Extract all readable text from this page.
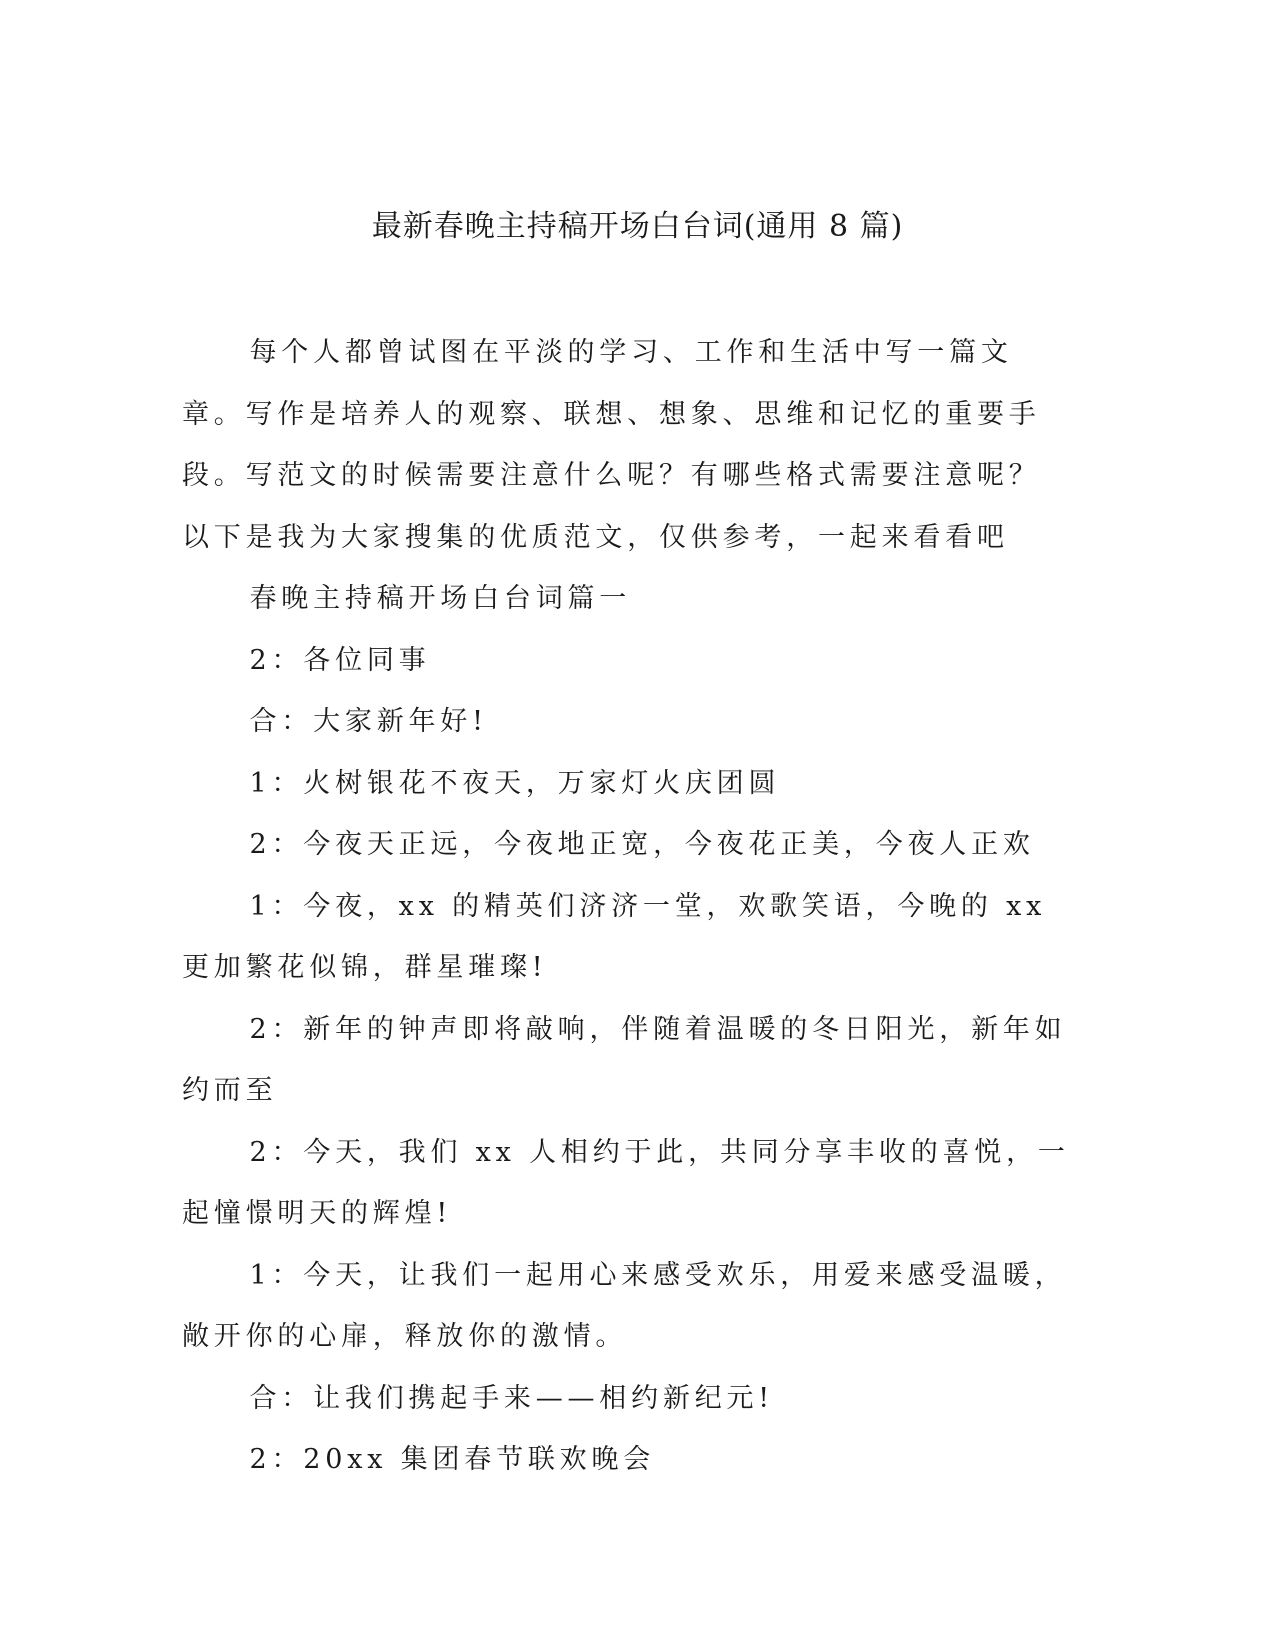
最新春晚主持稿开场白台词(通用 8 篇)

每个人都曾试图在平淡的学习、工作和生活中写一篇文章。写作是培养人的观察、联想、想象、思维和记忆的重要手段。写范文的时候需要注意什么呢？有哪些格式需要注意呢？以下是我为大家搜集的优质范文，仅供参考，一起来看看吧

春晚主持稿开场白台词篇一

2：各位同事

合：大家新年好!

1：火树银花不夜天，万家灯火庆团圆

2：今夜天正远，今夜地正宽，今夜花正美，今夜人正欢

1：今夜，xx 的精英们济济一堂，欢歌笑语，今晚的 xx 更加繁花似锦，群星璀璨!

2：新年的钟声即将敲响，伴随着温暖的冬日阳光，新年如约而至

2：今天，我们 xx 人相约于此，共同分享丰收的喜悦，一起憧憬明天的辉煌!

1：今天，让我们一起用心来感受欢乐，用爱来感受温暖，敞开你的心扉，释放你的激情。

合：让我们携起手来——相约新纪元!

2：20xx 集团春节联欢晚会
